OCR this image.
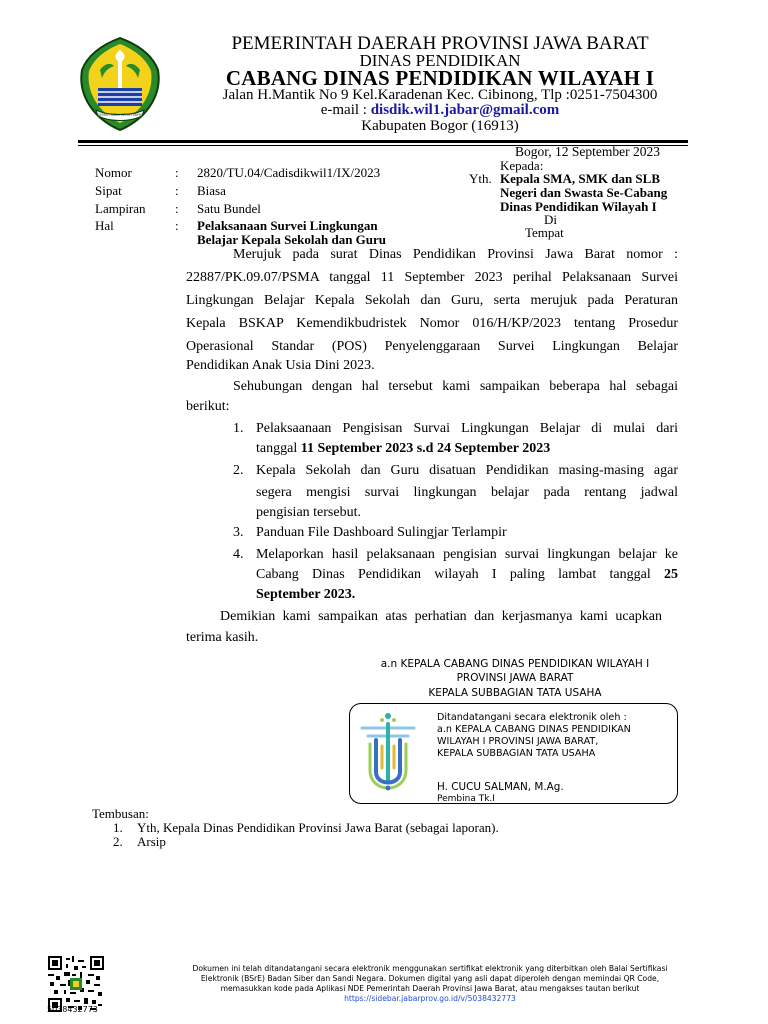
GEMAH RIPAH REPEH RAPIH
PEMERINTAH DAERAH PROVINSI JAWA BARAT
DINAS PENDIDIKAN
CABANG DINAS PENDIDIKAN WILAYAH I
Jalan H.Mantik No 9 Kel.Karadenan Kec. Cibinong, Tlp :0251-7504300
e-mail : disdik.wil1.jabar@gmail.com
Kabupaten Bogor (16913)
Bogor, 12 September 2023
Nomor	: 2820/TU.04/Cadisdikwil1/IX/2023
Sipat	: Biasa
Lampiran : Satu Bundel
Hal	: Pelaksanaan Survei Lingkungan
Belajar Kepala Sekolah dan Guru
Kepada:
Yth. Kepala SMA, SMK dan SLB
Negeri dan Swasta Se-Cabang
Dinas Pendidikan Wilayah I
Di
Tempat
Merujuk pada surat Dinas Pendidikan Provinsi Jawa Barat nomor :
22887/PK.09.07/PSMA tanggal 11 September 2023 perihal Pelaksanaan Survei
Lingkungan Belajar Kepala Sekolah dan Guru, serta merujuk pada Peraturan
Kepala BSKAP Kemendikbudristek Nomor 016/H/KP/2023 tentang Prosedur
Operasional Standar (POS) Penyelenggaraan Survei Lingkungan Belajar
Pendidikan Anak Usia Dini 2023.
Sehubungan dengan hal tersebut kami sampaikan beberapa hal sebagai
berikut:
1. Pelaksaanaan Pengisisan Survai Lingkungan Belajar di mulai dari
tanggal 11 September 2023 s.d 24 September 2023
2. Kepala Sekolah dan Guru disatuan Pendidikan masing-masing agar
segera mengisi survai lingkungan belajar pada rentang jadwal
pengisian tersebut.
3. Panduan File Dashboard Sulingjar Terlampir
4. Melaporkan hasil pelaksanaan pengisian survai lingkungan belajar ke
Cabang Dinas Pendidikan wilayah I paling lambat tanggal 25
September 2023.
Demikian kami sampaikan atas perhatian dan kerjasmanya kami ucapkan
terima kasih.
a.n KEPALA CABANG DINAS PENDIDIKAN WILAYAH I
PROVINSI JAWA BARAT
KEPALA SUBBAGIAN TATA USAHA
Ditandatangani secara elektronik oleh :
a.n KEPALA CABANG DINAS PENDIDIKAN
WILAYAH I PROVINSI JAWA BARAT,
KEPALA SUBBAGIAN TATA USAHA
H. CUCU SALMAN, M.Ag.
Pembina Tk.I
Tembusan:
1. Yth, Kepala Dinas Pendidikan Provinsi Jawa Barat (sebagai laporan).
2. Arsip
5038432773
Dokumen ini telah ditandatangani secara elektronik menggunakan sertifikat elektronik yang diterbitkan oleh Balai Sertifikasi
Elektronik (BSrE) Badan Siber dan Sandi Negara. Dokumen digital yang asli dapat diperoleh dengan memindai QR Code,
memasukkan kode pada Aplikasi NDE Pemerintah Daerah Provinsi Jawa Barat, atau mengakses tautan berikut
https://sidebar.jabarprov.go.id/v/5038432773
